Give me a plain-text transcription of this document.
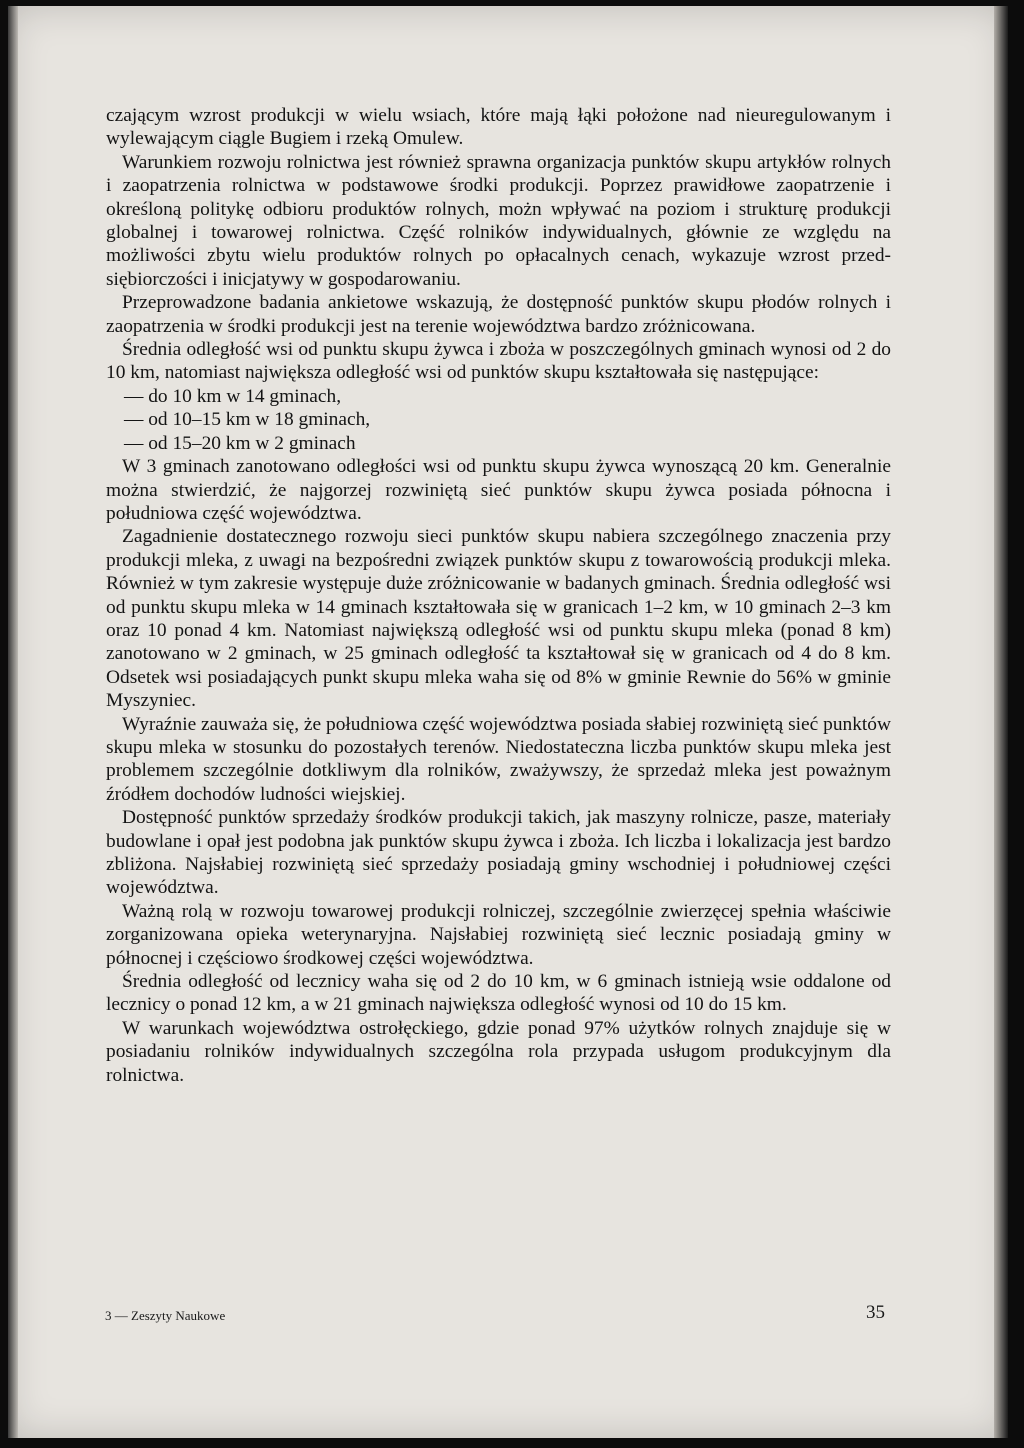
czającym wzrost produkcji w wielu wsiach, które mają łąki położone nad nieuregulowanym i wylewającym ciągle Bugiem i rzeką Omulew.

Warunkiem rozwoju rolnictwa jest również sprawna organizacja punktów skupu artykłów rolnych i zaopatrzenia rolnictwa w podstawowe środki produkcji. Poprzez prawidłowe zaopatrzenie i określoną politykę odbioru produktów rolnych, możn wpływać na poziom i strukturę produkcji globalnej i towarowej rolnictwa. Część rolników indywidualnych, głównie ze względu na możliwości zbytu wielu produktów rolnych po opłacalnych cenach, wykazuje wzrost przedsiębiorczości i inicjatywy w gospodarowaniu.

Przeprowadzone badania ankietowe wskazują, że dostępność punktów skupu płodów rolnych i zaopatrzenia w środki produkcji jest na terenie województwa bardzo zróżnicowana.

Średnia odległość wsi od punktu skupu żywca i zboża w poszczególnych gminach wynosi od 2 do 10 km, natomiast największa odległość wsi od punktów skupu kształtowała się następujące:

— do 10 km w 14 gminach,

— od 10–15 km w 18 gminach,

— od 15–20 km w 2 gminach

W 3 gminach zanotowano odległości wsi od punktu skupu żywca wynoszącą 20 km. Generalnie można stwierdzić, że najgorzej rozwiniętą sieć punktów skupu żywca posiada północna i południowa część województwa.

Zagadnienie dostatecznego rozwoju sieci punktów skupu nabiera szczególnego znaczenia przy produkcji mleka, z uwagi na bezpośredni związek punktów skupu z towarowością produkcji mleka. Również w tym zakresie występuje duże zróżnicowanie w badanych gminach. Średnia odległość wsi od punktu skupu mleka w 14 gminach kształtowała się w granicach 1–2 km, w 10 gminach 2–3 km oraz 10 ponad 4 km. Natomiast największą odległość wsi od punktu skupu mleka (ponad 8 km) zanotowano w 2 gminach, w 25 gminach odległość ta kształtował się w granicach od 4 do 8 km. Odsetek wsi posiadających punkt skupu mleka waha się od 8% w gminie Rewnie do 56% w gminie Myszyniec.

Wyraźnie zauważa się, że południowa część województwa posiada słabiej rozwiniętą sieć punktów skupu mleka w stosunku do pozostałych terenów. Niedostateczna liczba punktów skupu mleka jest problemem szczególnie dotkliwym dla rolników, zważywszy, że sprzedaż mleka jest poważnym źródłem dochodów ludności wiejskiej.

Dostępność punktów sprzedaży środków produkcji takich, jak maszyny rolnicze, pasze, materiały budowlane i opał jest podobna jak punktów skupu żywca i zboża. Ich liczba i lokalizacja jest bardzo zbliżona. Najsłabiej rozwiniętą sieć sprzedaży posiadają gminy wschodniej i południowej części województwa.

Ważną rolą w rozwoju towarowej produkcji rolniczej, szczególnie zwierzęcej spełnia właściwie zorganizowana opieka weterynaryjna. Najsłabiej rozwiniętą sieć lecznic posiadają gminy w północnej i częściowo środkowej części województwa.

Średnia odległość od lecznicy waha się od 2 do 10 km, w 6 gminach istnieją wsie oddalone od lecznicy o ponad 12 km, a w 21 gminach największa odległość wynosi od 10 do 15 km.

W warunkach województwa ostrołęckiego, gdzie ponad 97% użytków rolnych znajduje się w posiadaniu rolników indywidualnych szczególna rola przypada usługom produkcyjnym dla rolnictwa.

3 — Zeszyty Naukowe	35
